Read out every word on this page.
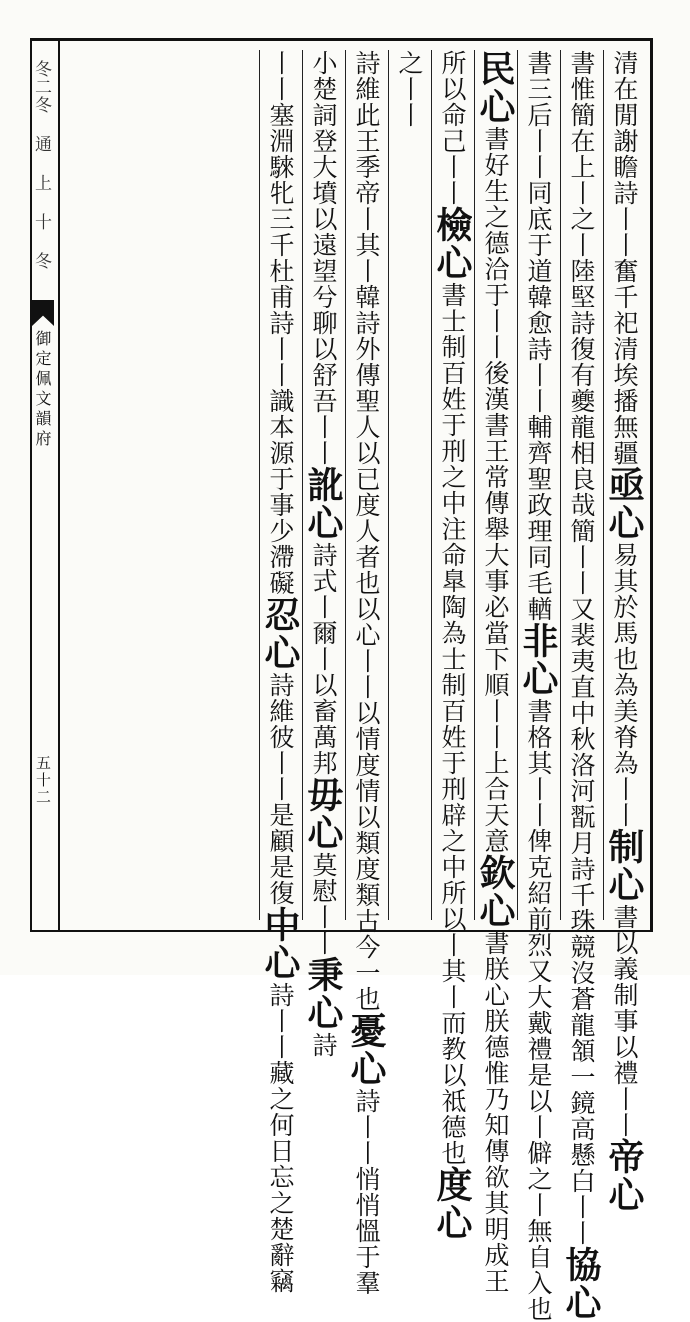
冬二冬 通 上 十 冬
御定佩文韻府
五十二
清在閒謝瞻詩丨丨奮千祀清埃播無疆亟心易其於馬也為美脊為丨丨制心書以義制事以禮丨丨帝心
書惟簡在上丨之丨陸堅詩復有夔龍相良哉簡丨丨又裴夷直中秋洛河翫月詩千珠競沒蒼龍頷一鏡高懸白丨丨協心
書三后丨丨同底于道韓愈詩丨丨輔齊聖政理同毛輶非心書格其丨丨俾克紹前烈又大戴禮是以丨僻之丨無自入也
民心書好生之德洽于丨丨後漢書王常傳舉大事必當下順丨丨上合天意欽心書朕心朕德惟乃知傳欲其明成王
所以命己丨丨檢心書士制百姓于刑之中注命臯陶為士制百姓于刑辟之中所以丨其丨而教以祗德也度心
之丨丨
詩維此王季帝丨其丨韓詩外傳聖人以已度人者也以心丨丨以情度情以類度類古今一也憂心詩丨丨悄悄慍于羣
小楚詞登大墳以遠望兮聊以舒吾丨丨訛心詩式丨爾丨以畜萬邦毋心莫慰丨丨秉心詩
丨丨塞淵騋牝三千杜甫詩丨丨識本源于事少滯礙忍心詩維彼丨丨是顧是復中心詩丨丨藏之何日忘之楚辭竊
